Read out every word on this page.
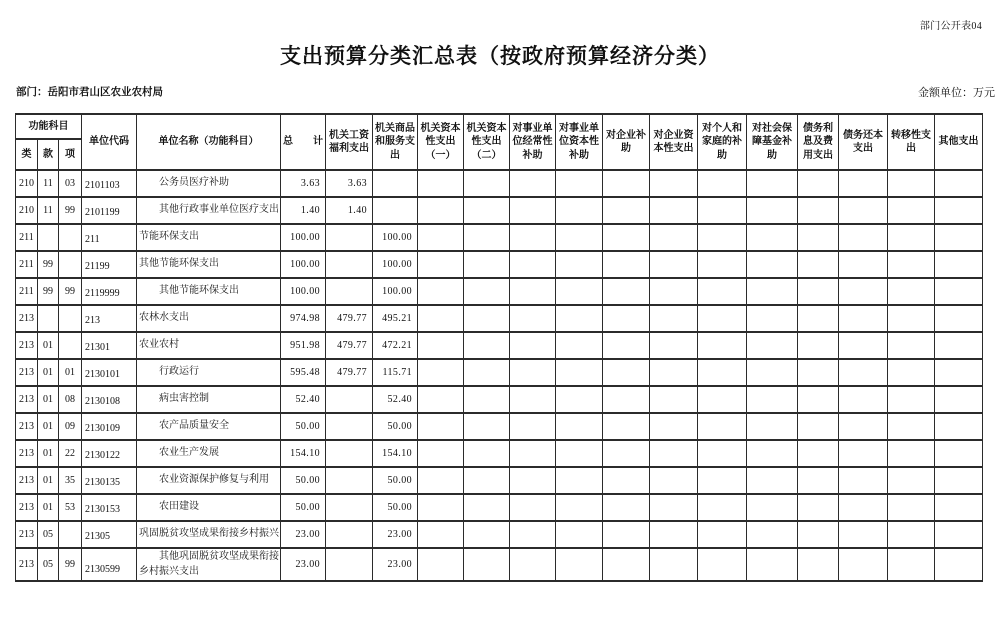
部门公开表04
支出预算分类汇总表（按政府预算经济分类）
部门：岳阳市君山区农业农村局	金额单位：万元
功能科目			单位代码	单位名称（功能科目）	总　　计	机关工资福利支出	机关商品和服务支出	机关资本性支出（一）	机关资本性支出（二）	对事业单位经常性补助	对事业单位资本性补助	对企业补助	对企业资本性支出	对个人和家庭的补助	对社会保障基金补助	债务利息及费用支出	债务还本支出	转移性支出	其他支出
类	款	项																	
210	11	03	2101103	公务员医疗补助	3.63	3.63													
210	11	99	2101199	其他行政事业单位医疗支出	1.40	1.40													
211			211	节能环保支出	100.00		100.00												
211	99		21199	其他节能环保支出	100.00		100.00												
211	99	99	2119999	其他节能环保支出	100.00		100.00												
213			213	农林水支出	974.98	479.77	495.21												
213	01		21301	农业农村	951.98	479.77	472.21												
213	01	01	2130101	行政运行	595.48	479.77	115.71												
213	01	08	2130108	病虫害控制	52.40		52.40												
213	01	09	2130109	农产品质量安全	50.00		50.00												
213	01	22	2130122	农业生产发展	154.10		154.10												
213	01	35	2130135	农业资源保护修复与利用	50.00		50.00												
213	01	53	2130153	农田建设	50.00		50.00												
213	05		21305	巩固脱贫攻坚成果衔接乡村振兴	23.00		23.00												
213	05	99	2130599	其他巩固脱贫攻坚成果衔接乡村振兴支出	23.00		23.00												
